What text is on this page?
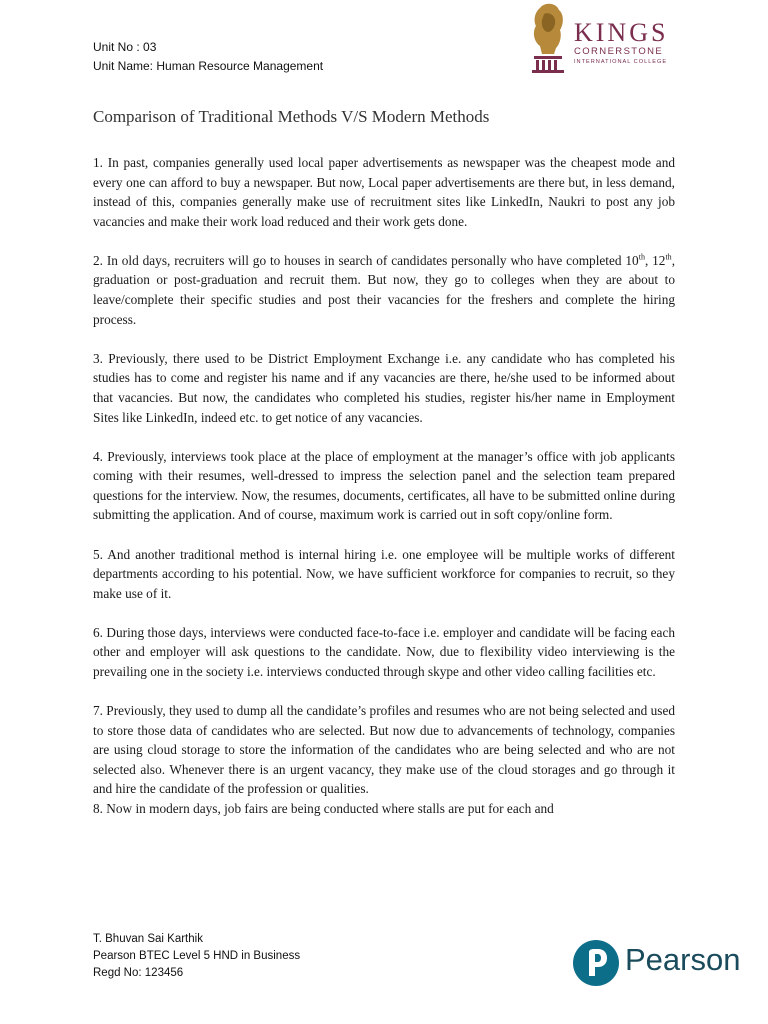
Unit No : 03
Unit Name: Human Resource Management
KINGS
CORNERSTONE
INTERNATIONAL COLLEGE
Comparison of Traditional Methods V/S Modern Methods

1. In past, companies generally used local paper advertisements as newspaper was the cheapest mode and every one can afford to buy a newspaper. But now, Local paper advertisements are there but, in less demand, instead of this, companies generally make use of recruitment sites like LinkedIn, Naukri to post any job vacancies and make their work load reduced and their work gets done.

2. In old days, recruiters will go to houses in search of candidates personally who have completed 10th, 12th, graduation or post-graduation and recruit them. But now, they go to colleges when they are about to leave/complete their specific studies and post their vacancies for the freshers and complete the hiring process.

3. Previously, there used to be District Employment Exchange i.e. any candidate who has completed his studies has to come and register his name and if any vacancies are there, he/she used to be informed about that vacancies. But now, the candidates who completed his studies, register his/her name in Employment Sites like LinkedIn, indeed etc. to get notice of any vacancies.

4. Previously, interviews took place at the place of employment at the manager’s office with job applicants coming with their resumes, well-dressed to impress the selection panel and the selection team prepared questions for the interview. Now, the resumes, documents, certificates, all have to be submitted online during submitting the application. And of course, maximum work is carried out in soft copy/online form.

5. And another traditional method is internal hiring i.e. one employee will be multiple works of different departments according to his potential. Now, we have sufficient workforce for companies to recruit, so they make use of it.

6. During those days, interviews were conducted face-to-face i.e. employer and candidate will be facing each other and employer will ask questions to the candidate. Now, due to flexibility video interviewing is the prevailing one in the society i.e. interviews conducted through skype and other video calling facilities etc.

7. Previously, they used to dump all the candidate’s profiles and resumes who are not being selected and used to store those data of candidates who are selected. But now due to advancements of technology, companies are using cloud storage to store the information of the candidates who are being selected and who are not selected also. Whenever there is an urgent vacancy, they make use of the cloud storages and go through it and hire the candidate of the profession or qualities.

8. Now in modern days, job fairs are being conducted where stalls are put for each and

T. Bhuvan Sai Karthik
Pearson BTEC Level 5 HND in Business
Regd No: 123456	Pearson
